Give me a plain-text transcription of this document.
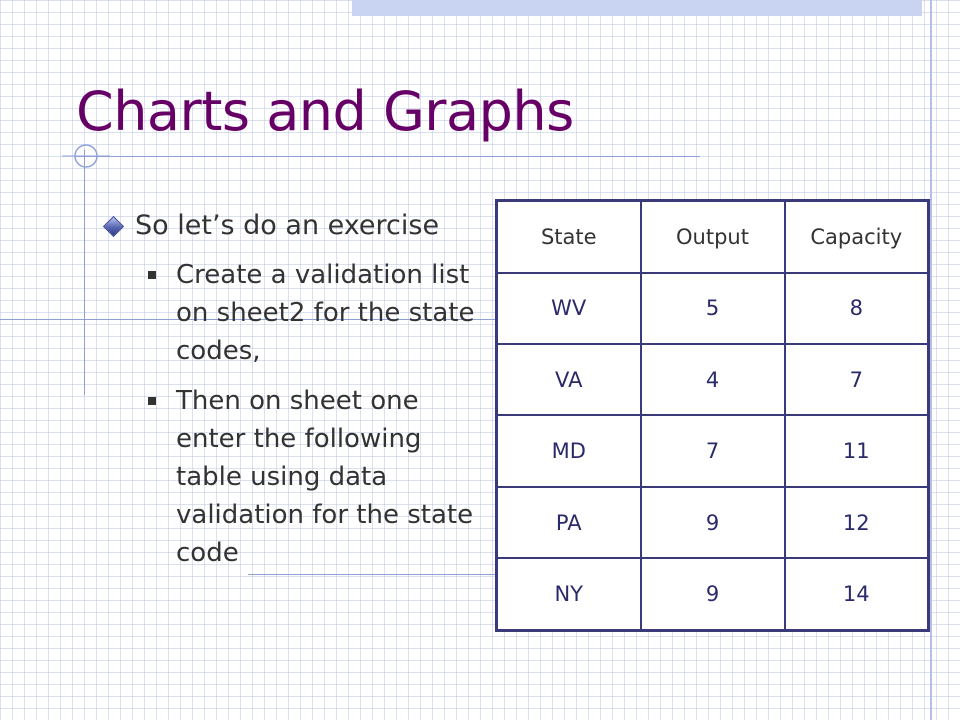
Charts and Graphs
So let’s do an exercise
Create a validation list on sheet2 for the state codes,
Then on sheet one enter the following table using data validation for the state code
State	Output	Capacity
WV	5	8
VA	4	7
MD	7	11
PA	9	12
NY	9	14
